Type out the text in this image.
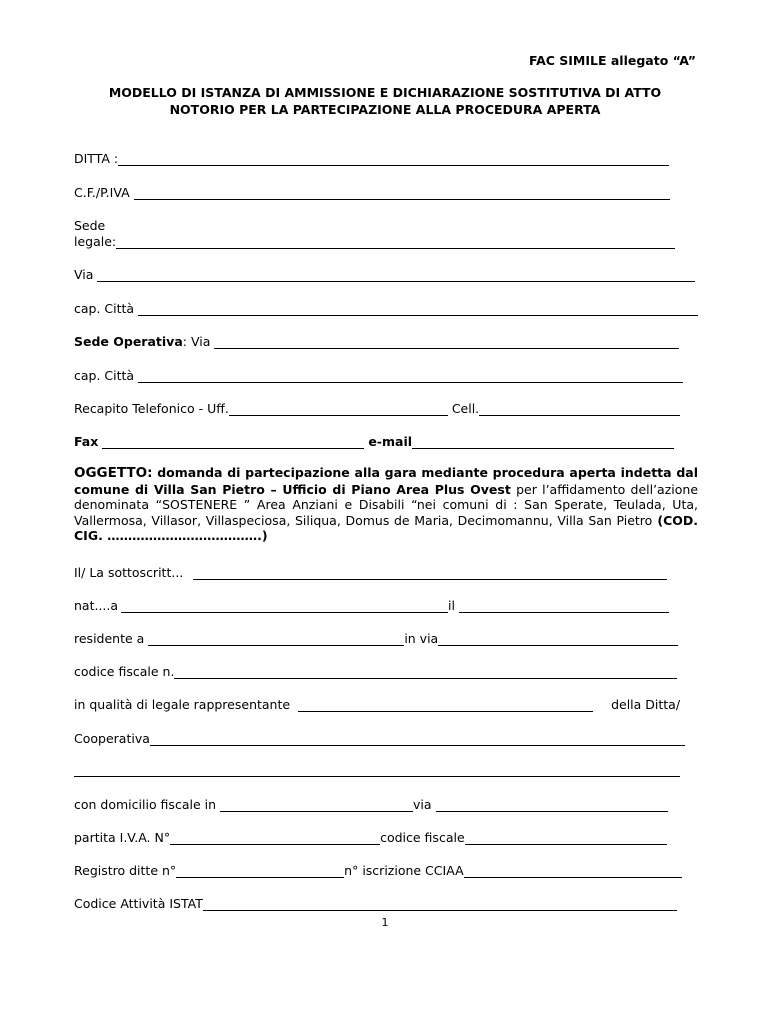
FAC SIMILE allegato “A”
MODELLO DI ISTANZA DI AMMISSIONE E DICHIARAZIONE SOSTITUTIVA DI ATTO
NOTORIO PER LA PARTECIPAZIONE ALLA PROCEDURA APERTA
DITTA :
C.F./P.IVA
Sede
legale:
Via
cap. Città
Sede Operativa : Via
cap. Città
Recapito Telefonico - Uff.	Cell.
Fax	e-mail
OGGETTO: domanda di partecipazione alla gara mediante procedura aperta indetta dal comune di Villa San Pietro – Ufficio di Piano Area Plus Ovest per l’affidamento dell’azione denominata “SOSTENERE ” Area Anziani e Disabili “nei comuni di : San Sperate, Teulada, Uta, Vallermosa, Villasor, Villaspeciosa, Siliqua, Domus de Maria, Decimomannu, Villa San Pietro (COD. CIG. ……………………………….)
Il/ La sottoscritt...
nat....a	il
residente a	in via
codice fiscale n.
in qualità di legale rappresentante	della Ditta/
Cooperativa
con domicilio fiscale in	via
partita I.V.A. N°	codice fiscale
Registro ditte n°	n° iscrizione CCIAA
Codice Attività ISTAT
1
